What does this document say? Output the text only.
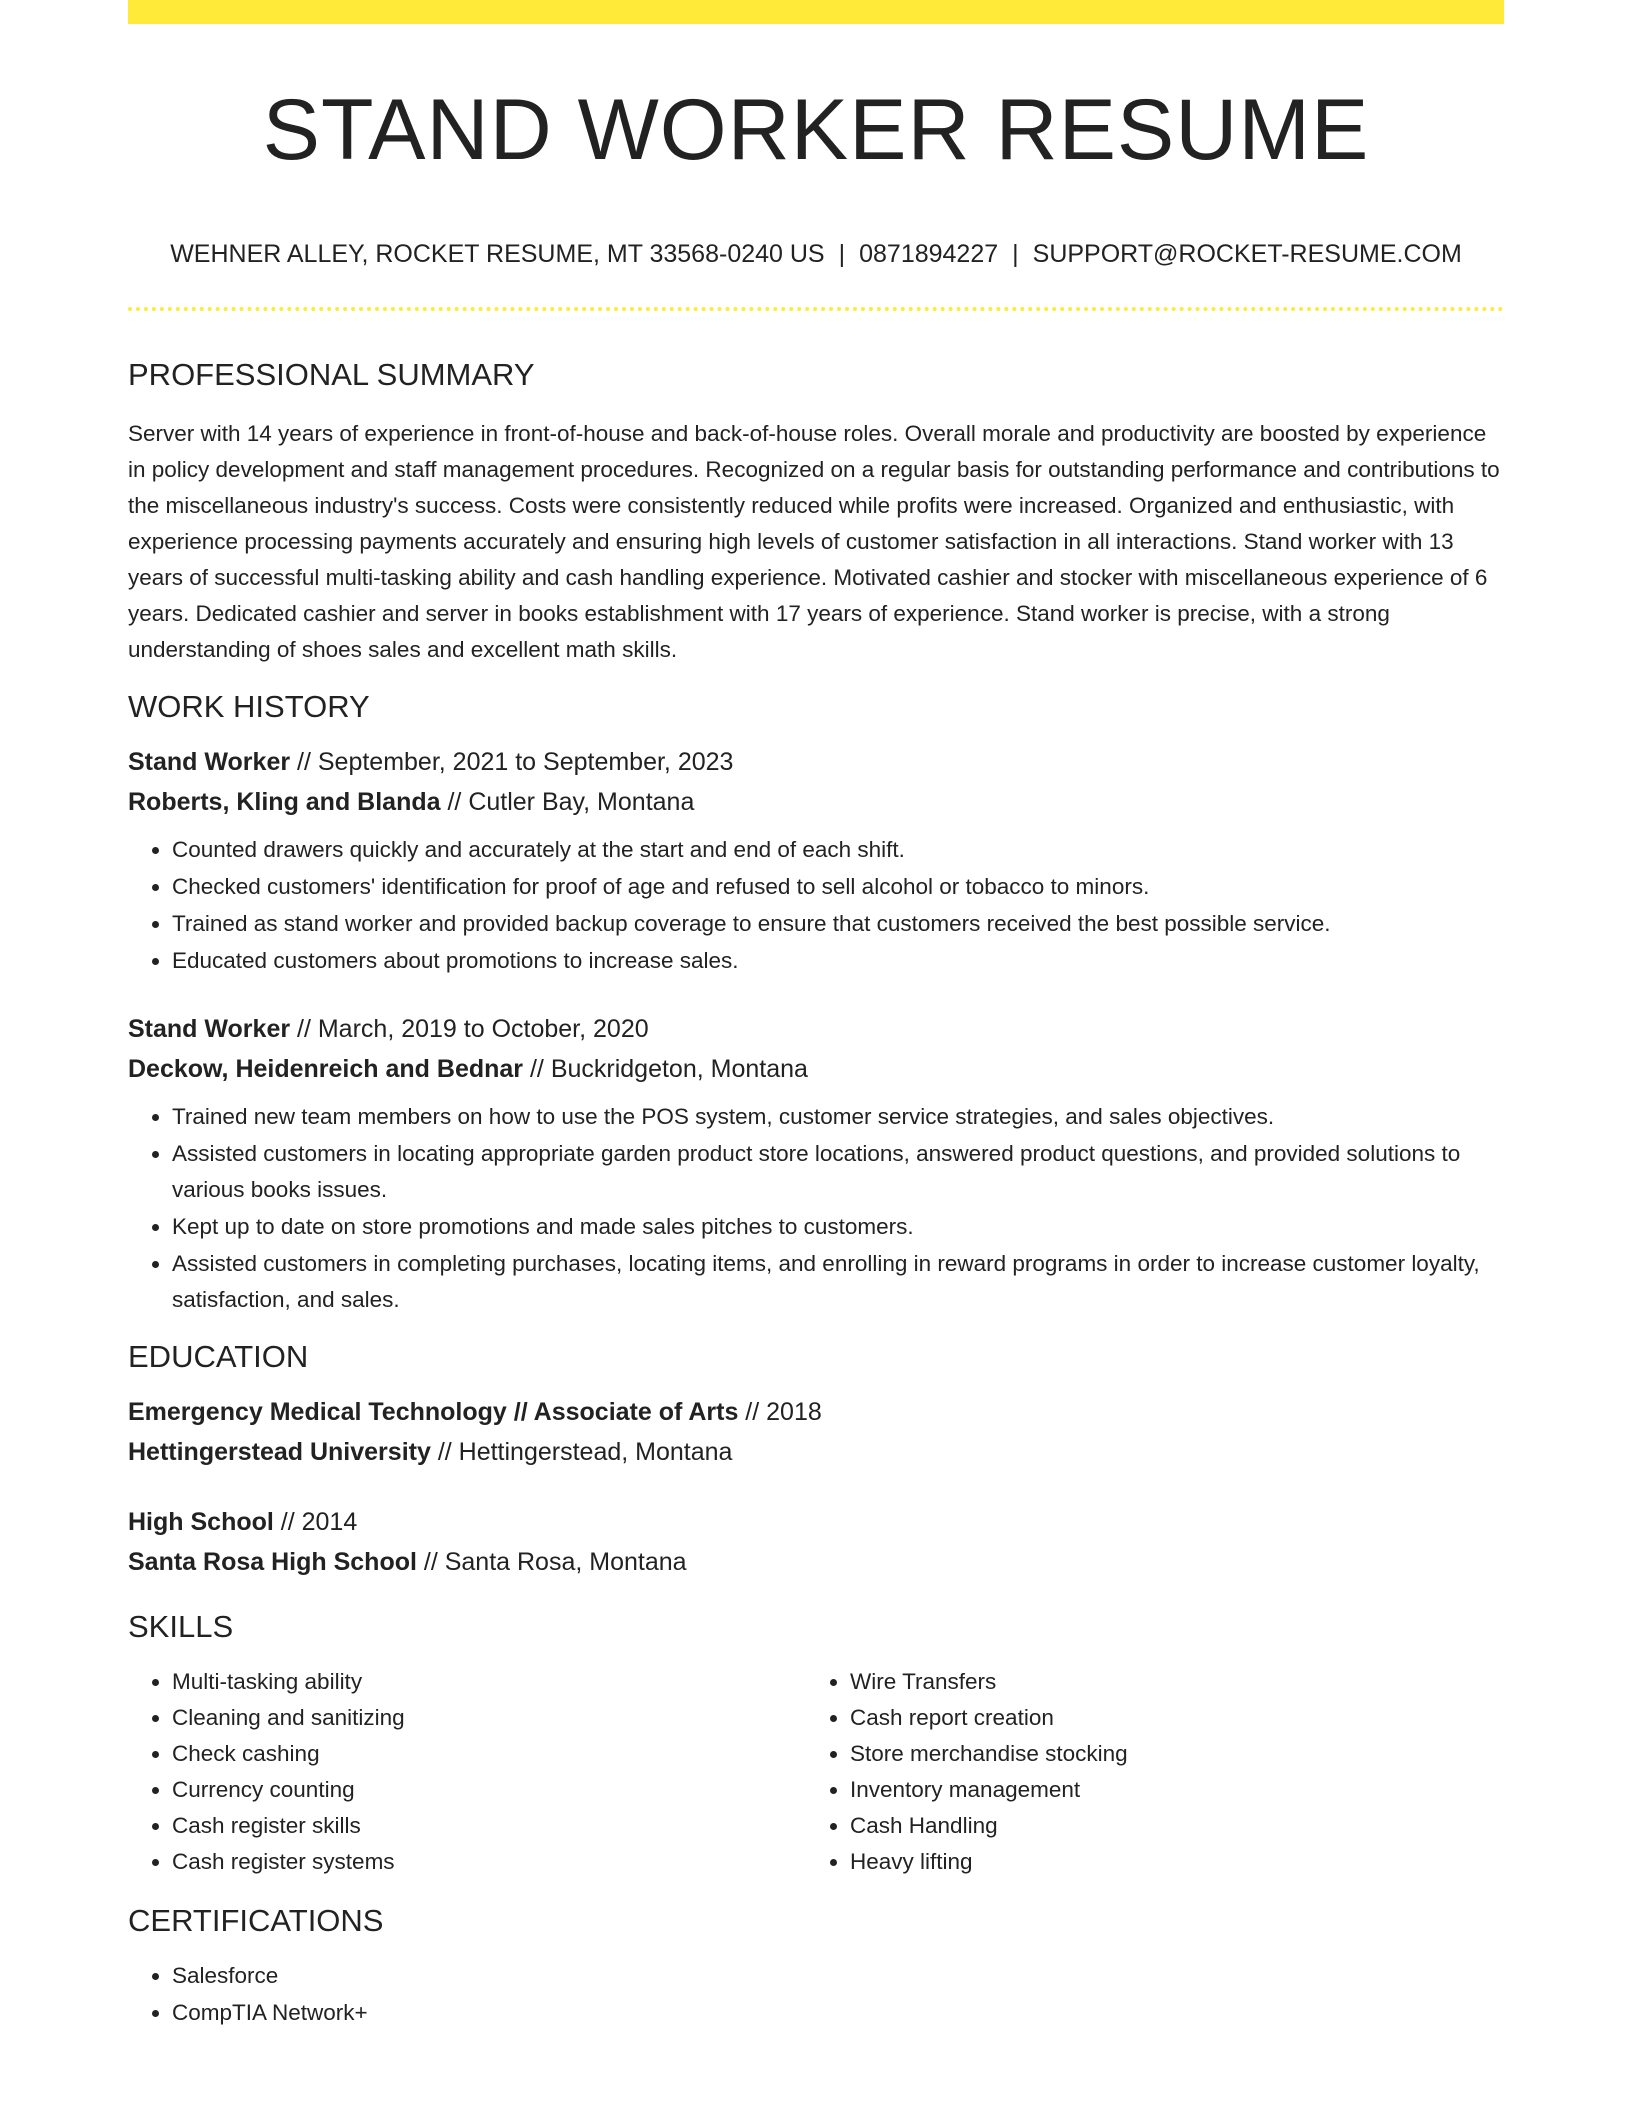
STAND WORKER RESUME
WEHNER ALLEY, ROCKET RESUME, MT 33568-0240 US | 0871894227 | SUPPORT@ROCKET-RESUME.COM
PROFESSIONAL SUMMARY

Server with 14 years of experience in front-of-house and back-of-house roles. Overall morale and productivity are boosted by experience in policy development and staff management procedures. Recognized on a regular basis for outstanding performance and contributions to the miscellaneous industry's success. Costs were consistently reduced while profits were increased. Organized and enthusiastic, with experience processing payments accurately and ensuring high levels of customer satisfaction in all interactions. Stand worker with 13 years of successful multi-tasking ability and cash handling experience. Motivated cashier and stocker with miscellaneous experience of 6 years. Dedicated cashier and server in books establishment with 17 years of experience. Stand worker is precise, with a strong understanding of shoes sales and excellent math skills.

WORK HISTORY

Stand Worker // September, 2021 to September, 2023

Roberts, Kling and Blanda // Cutler Bay, Montana

• Counted drawers quickly and accurately at the start and end of each shift.
• Checked customers' identification for proof of age and refused to sell alcohol or tobacco to minors.
• Trained as stand worker and provided backup coverage to ensure that customers received the best possible service.
• Educated customers about promotions to increase sales.

Stand Worker // March, 2019 to October, 2020

Deckow, Heidenreich and Bednar // Buckridgeton, Montana

• Trained new team members on how to use the POS system, customer service strategies, and sales objectives.
• Assisted customers in locating appropriate garden product store locations, answered product questions, and provided solutions to various books issues.
• Kept up to date on store promotions and made sales pitches to customers.
• Assisted customers in completing purchases, locating items, and enrolling in reward programs in order to increase customer loyalty, satisfaction, and sales.
EDUCATION

Emergency Medical Technology // Associate of Arts // 2018

Hettingerstead University // Hettingerstead, Montana

High School // 2014

Santa Rosa High School // Santa Rosa, Montana

SKILLS
• Multi-tasking ability
• Cleaning and sanitizing
• Check cashing
• Currency counting
• Cash register skills
• Cash register systems
• Wire Transfers
• Cash report creation
• Store merchandise stocking
• Inventory management
• Cash Handling
• Heavy lifting
CERTIFICATIONS
• Salesforce
• CompTIA Network+
